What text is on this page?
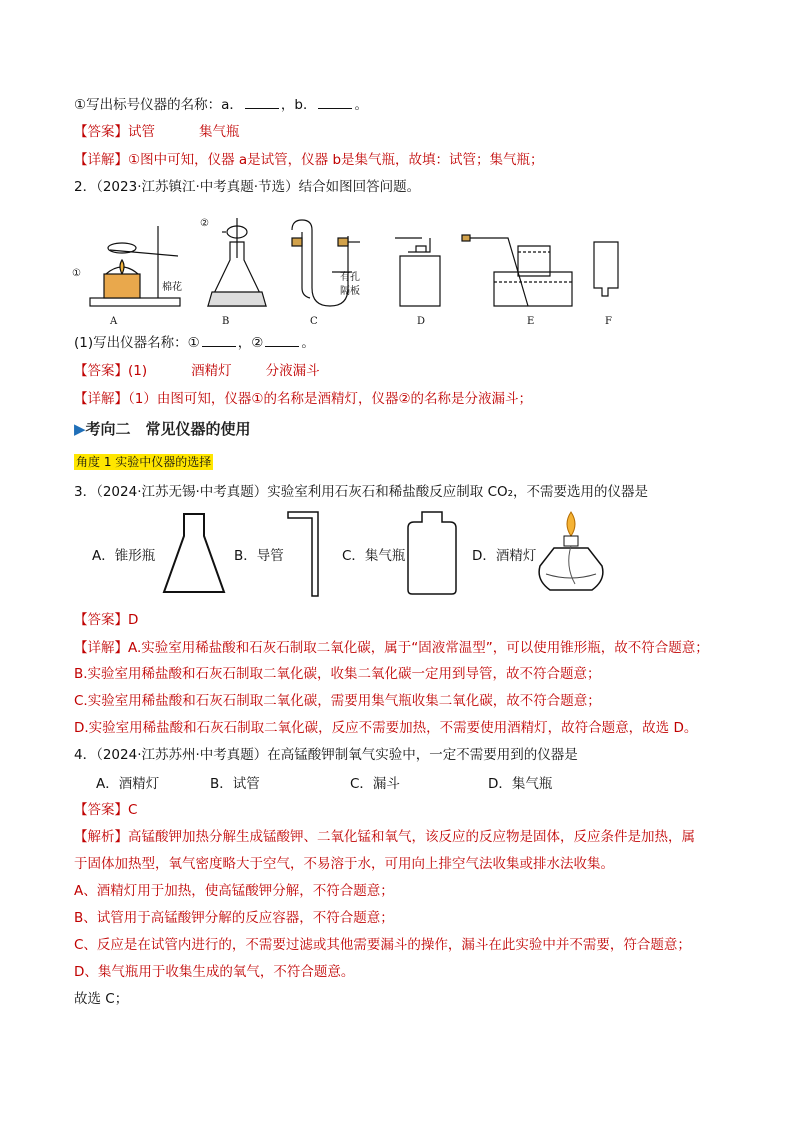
①写出标号仪器的名称：a．	，b．	。
【答案】试管	集气瓶
【详解】①图中可知，仪器 a是试管，仪器 b是集气瓶，故填：试管；集气瓶；
2．（2023·江苏镇江·中考真题·节选）结合如图回答问题。
①
②
棉花
有孔
隔板
A	B	C	D	E	F
(1)写出仪器名称：①	，②	。
【答案】(1)	酒精灯	分液漏斗
【详解】（1）由图可知，仪器①的名称是酒精灯，仪器②的名称是分液漏斗；
▶考向二　常见仪器的使用
角度 1 实验中仪器的选择
3．（2024·江苏无锡·中考真题）实验室利用石灰石和稀盐酸反应制取 CO₂，不需要选用的仪器是
A．锥形瓶	B．导管	C．集气瓶	D．酒精灯
【答案】D
【详解】A.实验室用稀盐酸和石灰石制取二氧化碳，属于“固液常温型”，可以使用锥形瓶，故不符合题意；
B.实验室用稀盐酸和石灰石制取二氧化碳，收集二氧化碳一定用到导管，故不符合题意；
C.实验室用稀盐酸和石灰石制取二氧化碳，需要用集气瓶收集二氧化碳，故不符合题意；
D.实验室用稀盐酸和石灰石制取二氧化碳，反应不需要加热，不需要使用酒精灯，故符合题意，故选 D。
4．（2024·江苏苏州·中考真题）在高锰酸钾制氧气实验中，一定不需要用到的仪器是
A．酒精灯	B．试管	C．漏斗	D．集气瓶
【答案】C
【解析】高锰酸钾加热分解生成锰酸钾、二氧化锰和氧气，该反应的反应物是固体，反应条件是加热，属
于固体加热型，氧气密度略大于空气，不易溶于水，可用向上排空气法收集或排水法收集。
A、酒精灯用于加热，使高锰酸钾分解，不符合题意；
B、试管用于高锰酸钾分解的反应容器，不符合题意；
C、反应是在试管内进行的，不需要过滤或其他需要漏斗的操作，漏斗在此实验中并不需要，符合题意；
D、集气瓶用于收集生成的氧气，不符合题意。
故选 C；
